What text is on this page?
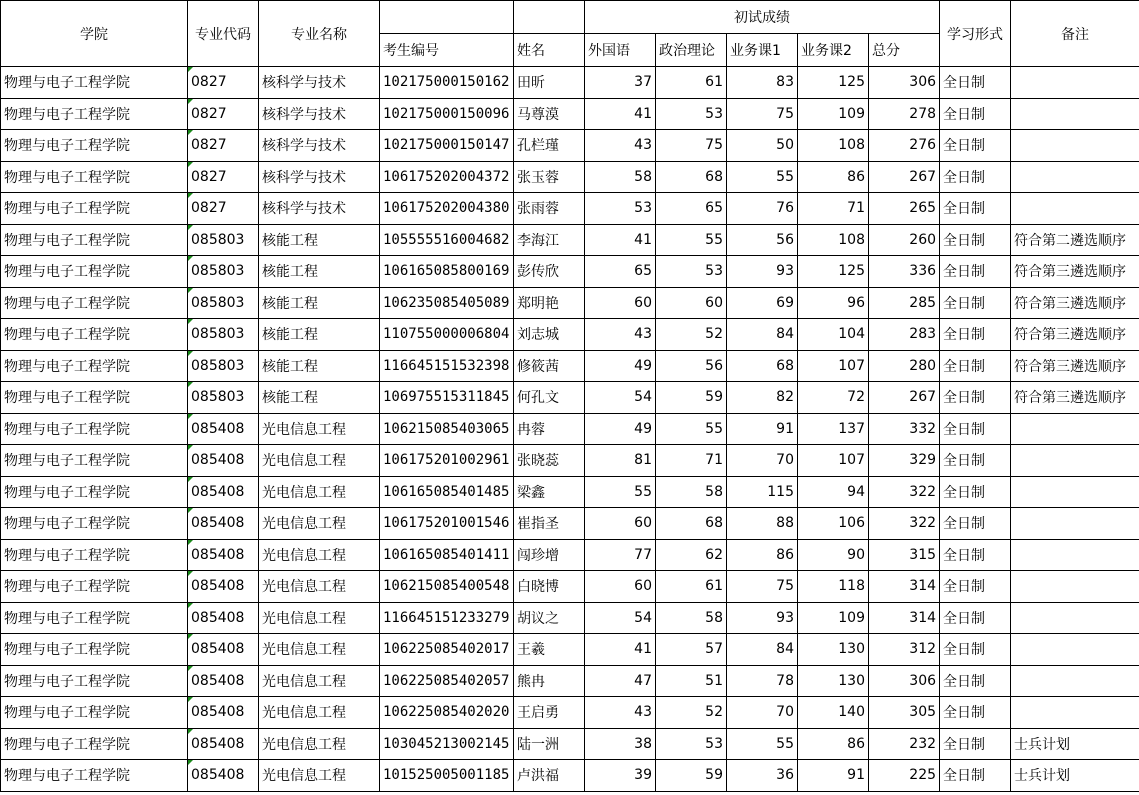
学院	专业代码	专业名称			初试成绩					学习形式	备注
			考生编号	姓名	外国语	政治理论	业务课1	业务课2	总分		
物理与电子工程学院	0827	核科学与技术	102175000150162	田昕	37	61	83	125	306	全日制	
物理与电子工程学院	0827	核科学与技术	102175000150096	马尊漠	41	53	75	109	278	全日制	
物理与电子工程学院	0827	核科学与技术	102175000150147	孔栏瑾	43	75	50	108	276	全日制	
物理与电子工程学院	0827	核科学与技术	106175202004372	张玉蓉	58	68	55	86	267	全日制	
物理与电子工程学院	0827	核科学与技术	106175202004380	张雨蓉	53	65	76	71	265	全日制	
物理与电子工程学院	085803	核能工程	105555516004682	李海江	41	55	56	108	260	全日制	符合第二遴选顺序
物理与电子工程学院	085803	核能工程	106165085800169	彭传欣	65	53	93	125	336	全日制	符合第三遴选顺序
物理与电子工程学院	085803	核能工程	106235085405089	郑明艳	60	60	69	96	285	全日制	符合第三遴选顺序
物理与电子工程学院	085803	核能工程	110755000006804	刘志城	43	52	84	104	283	全日制	符合第三遴选顺序
物理与电子工程学院	085803	核能工程	116645151532398	修筱茜	49	56	68	107	280	全日制	符合第三遴选顺序
物理与电子工程学院	085803	核能工程	106975515311845	何孔文	54	59	82	72	267	全日制	符合第三遴选顺序
物理与电子工程学院	085408	光电信息工程	106215085403065	冉蓉	49	55	91	137	332	全日制	
物理与电子工程学院	085408	光电信息工程	106175201002961	张晓蕊	81	71	70	107	329	全日制	
物理与电子工程学院	085408	光电信息工程	106165085401485	梁鑫	55	58	115	94	322	全日制	
物理与电子工程学院	085408	光电信息工程	106175201001546	崔指圣	60	68	88	106	322	全日制	
物理与电子工程学院	085408	光电信息工程	106165085401411	闯珍增	77	62	86	90	315	全日制	
物理与电子工程学院	085408	光电信息工程	106215085400548	白晓博	60	61	75	118	314	全日制	
物理与电子工程学院	085408	光电信息工程	116645151233279	胡议之	54	58	93	109	314	全日制	
物理与电子工程学院	085408	光电信息工程	106225085402017	王羲	41	57	84	130	312	全日制	
物理与电子工程学院	085408	光电信息工程	106225085402057	熊冉	47	51	78	130	306	全日制	
物理与电子工程学院	085408	光电信息工程	106225085402020	王启勇	43	52	70	140	305	全日制	
物理与电子工程学院	085408	光电信息工程	103045213002145	陆一洲	38	53	55	86	232	全日制	士兵计划
物理与电子工程学院	085408	光电信息工程	101525005001185	卢洪福	39	59	36	91	225	全日制	士兵计划
